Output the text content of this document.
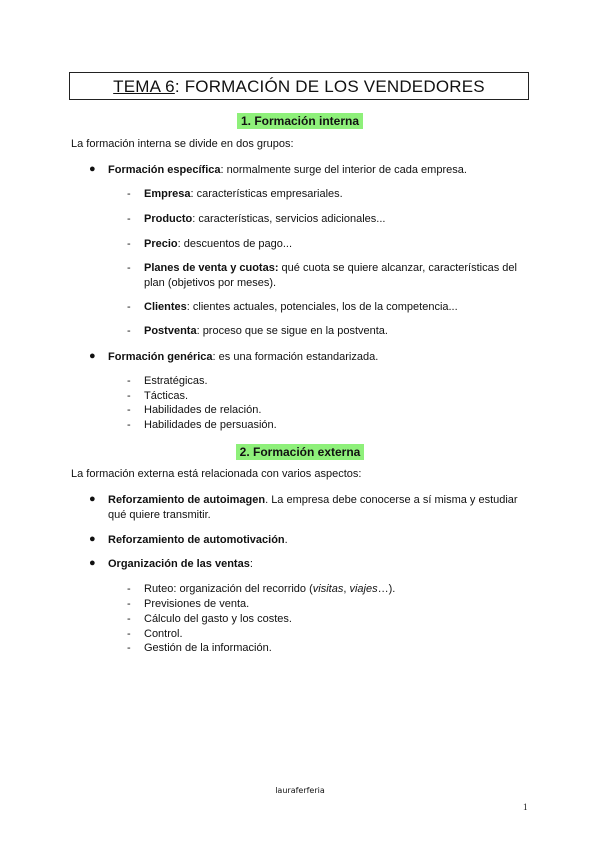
TEMA 6: FORMACIÓN DE LOS VENDEDORES
1. Formación interna
La formación interna se divide en dos grupos:
● Formación específica: normalmente surge del interior de cada empresa.
- Empresa: características empresariales.
- Producto: características, servicios adicionales...
- Precio: descuentos de pago...
- Planes de venta y cuotas: qué cuota se quiere alcanzar, características del plan (objetivos por meses).
- Clientes: clientes actuales, potenciales, los de la competencia...
- Postventa: proceso que se sigue en la postventa.
● Formación genérica: es una formación estandarizada.
- Estratégicas.
- Tácticas.
- Habilidades de relación.
- Habilidades de persuasión.
2. Formación externa
La formación externa está relacionada con varios aspectos:
● Reforzamiento de autoimagen. La empresa debe conocerse a sí misma y estudiar qué quiere transmitir.
● Reforzamiento de automotivación.
● Organización de las ventas:
- Ruteo: organización del recorrido (visitas, viajes…).
- Previsiones de venta.
- Cálculo del gasto y los costes.
- Control.
- Gestión de la información.
lauraferferia
1
